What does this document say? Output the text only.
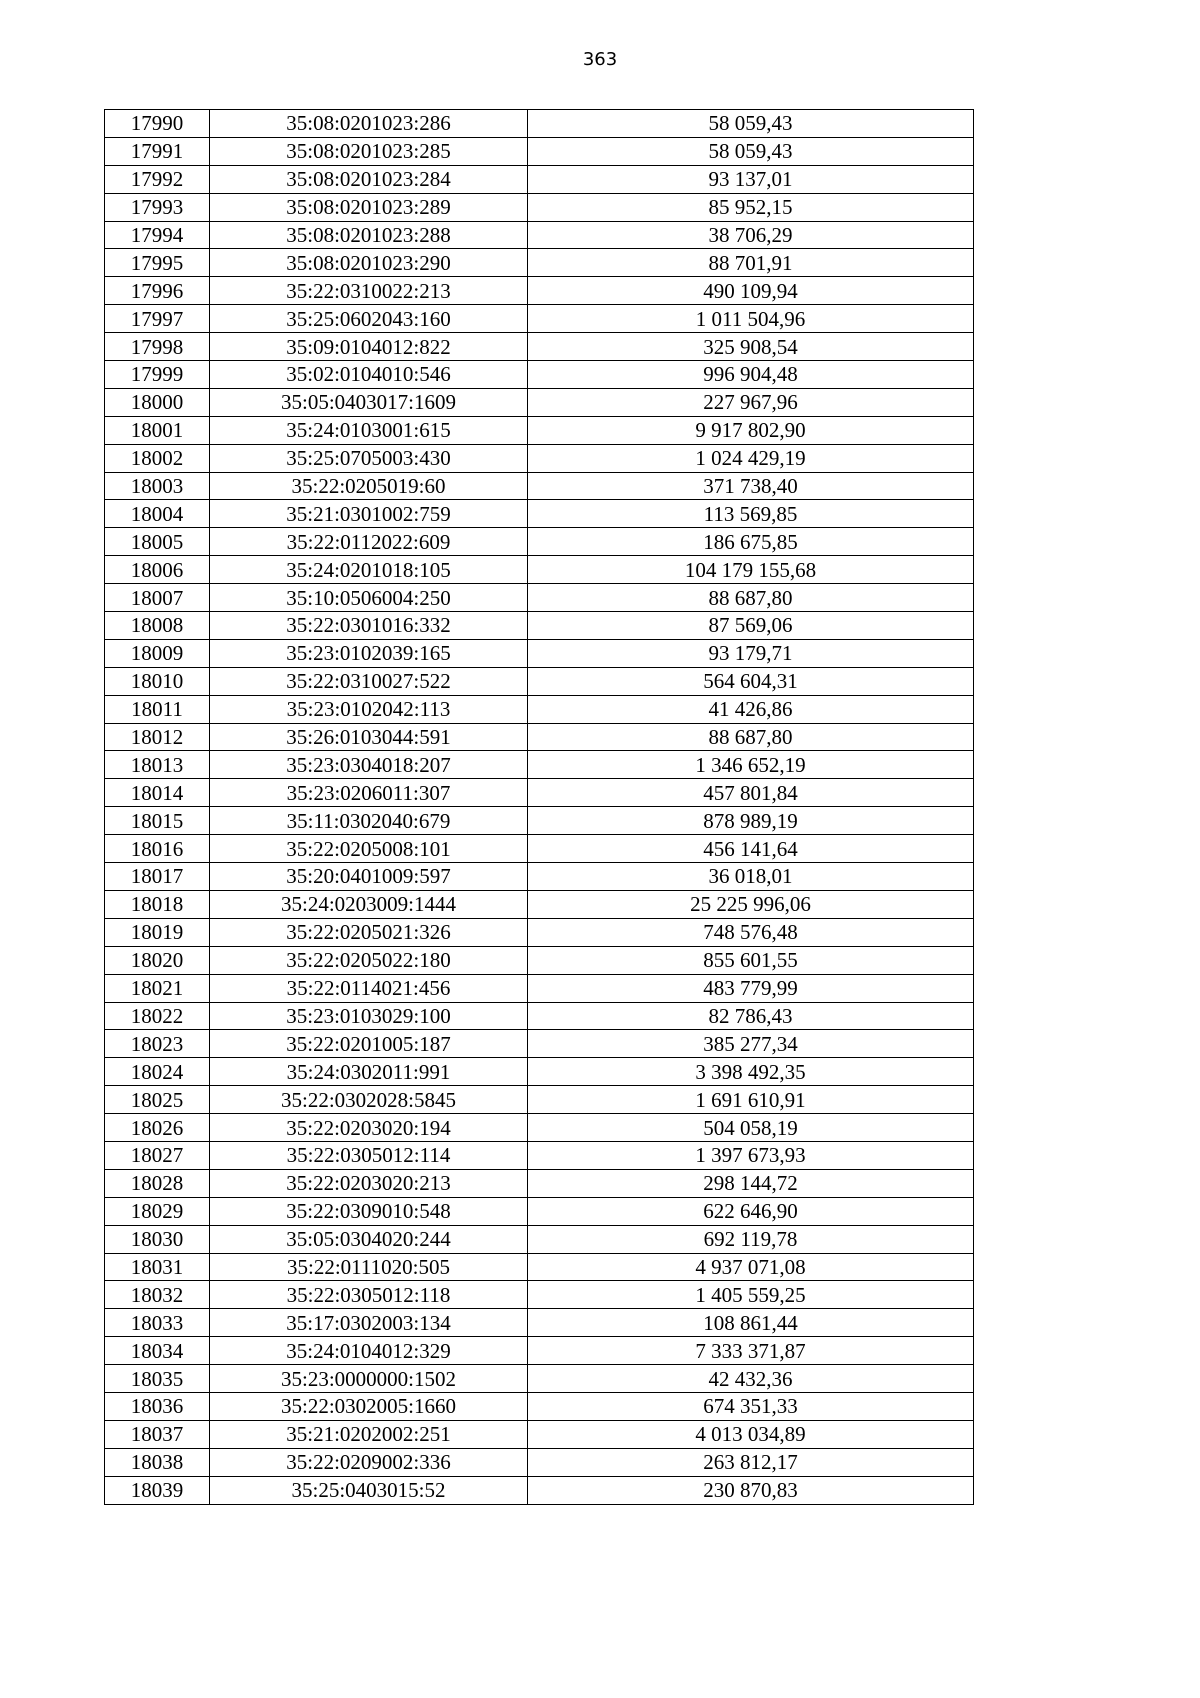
363
17990	35:08:0201023:286	58 059,43
17991	35:08:0201023:285	58 059,43
17992	35:08:0201023:284	93 137,01
17993	35:08:0201023:289	85 952,15
17994	35:08:0201023:288	38 706,29
17995	35:08:0201023:290	88 701,91
17996	35:22:0310022:213	490 109,94
17997	35:25:0602043:160	1 011 504,96
17998	35:09:0104012:822	325 908,54
17999	35:02:0104010:546	996 904,48
18000	35:05:0403017:1609	227 967,96
18001	35:24:0103001:615	9 917 802,90
18002	35:25:0705003:430	1 024 429,19
18003	35:22:0205019:60	371 738,40
18004	35:21:0301002:759	113 569,85
18005	35:22:0112022:609	186 675,85
18006	35:24:0201018:105	104 179 155,68
18007	35:10:0506004:250	88 687,80
18008	35:22:0301016:332	87 569,06
18009	35:23:0102039:165	93 179,71
18010	35:22:0310027:522	564 604,31
18011	35:23:0102042:113	41 426,86
18012	35:26:0103044:591	88 687,80
18013	35:23:0304018:207	1 346 652,19
18014	35:23:0206011:307	457 801,84
18015	35:11:0302040:679	878 989,19
18016	35:22:0205008:101	456 141,64
18017	35:20:0401009:597	36 018,01
18018	35:24:0203009:1444	25 225 996,06
18019	35:22:0205021:326	748 576,48
18020	35:22:0205022:180	855 601,55
18021	35:22:0114021:456	483 779,99
18022	35:23:0103029:100	82 786,43
18023	35:22:0201005:187	385 277,34
18024	35:24:0302011:991	3 398 492,35
18025	35:22:0302028:5845	1 691 610,91
18026	35:22:0203020:194	504 058,19
18027	35:22:0305012:114	1 397 673,93
18028	35:22:0203020:213	298 144,72
18029	35:22:0309010:548	622 646,90
18030	35:05:0304020:244	692 119,78
18031	35:22:0111020:505	4 937 071,08
18032	35:22:0305012:118	1 405 559,25
18033	35:17:0302003:134	108 861,44
18034	35:24:0104012:329	7 333 371,87
18035	35:23:0000000:1502	42 432,36
18036	35:22:0302005:1660	674 351,33
18037	35:21:0202002:251	4 013 034,89
18038	35:22:0209002:336	263 812,17
18039	35:25:0403015:52	230 870,83
